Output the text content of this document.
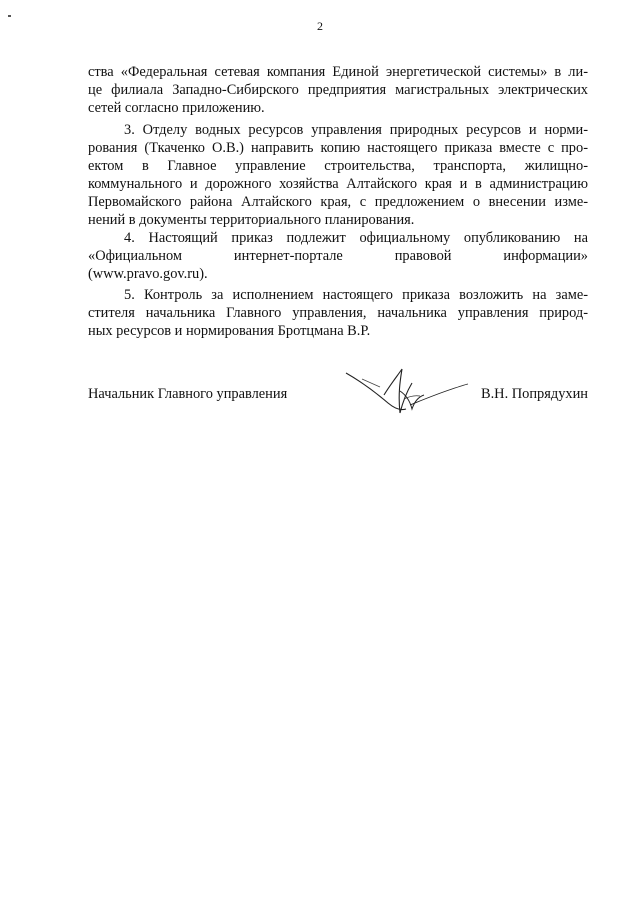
2
ства «Федеральная сетевая компания Единой энергетической системы» в ли-
це филиала Западно-Сибирского предприятия магистральных электрических
сетей согласно приложению.
3. Отделу водных ресурсов управления природных ресурсов и норми-
рования (Ткаченко О.В.) направить копию настоящего приказа вместе с про-
ектом в Главное управление строительства, транспорта, жилищно-
коммунального и дорожного хозяйства Алтайского края и в администрацию
Первомайского района Алтайского края, с предложением о внесении изме-
нений в документы территориального планирования.
4. Настоящий приказ подлежит официальному опубликованию на
«Официальном интернет-портале правовой информации»
(www.pravo.gov.ru).
5. Контроль за исполнением настоящего приказа возложить на заме-
стителя начальника Главного управления, начальника управления природ-
ных ресурсов и нормирования Бротцмана В.Р.
Начальник Главного управления	В.Н. Попрядухин
